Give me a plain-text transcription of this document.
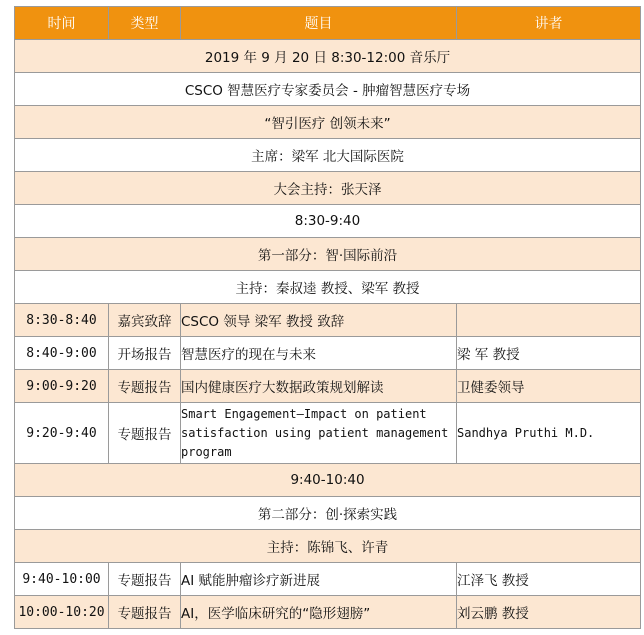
时间	类型	题目	讲者
2019 年 9 月 20 日 8:30-12:00 音乐厅			
CSCO 智慧医疗专家委员会 - 肿瘤智慧医疗专场			
“智引医疗 创领未来”			
主席：梁军 北大国际医院			
大会主持：张天泽			
8:30-9:40			
第一部分：智·国际前沿			
主持：秦叔逵 教授、梁军 教授			
8:30-8:40	嘉宾致辞	CSCO 领导 梁军 教授 致辞	
8:40-9:00	开场报告	智慧医疗的现在与未来	梁 军 教授
9:00-9:20	专题报告	国内健康医疗大数据政策规划解读	卫健委领导
9:20-9:40	专题报告	Smart Engagement—Impact on patient satisfaction using patient management program	Sandhya Pruthi M.D.
9:40-10:40			
第二部分：创·探索实践			
主持：陈锦飞、许青			
9:40-10:00	专题报告	AI 赋能肿瘤诊疗新进展	江泽飞 教授
10:00-10:20	专题报告	AI，医学临床研究的“隐形翅膀”	刘云鹏 教授
